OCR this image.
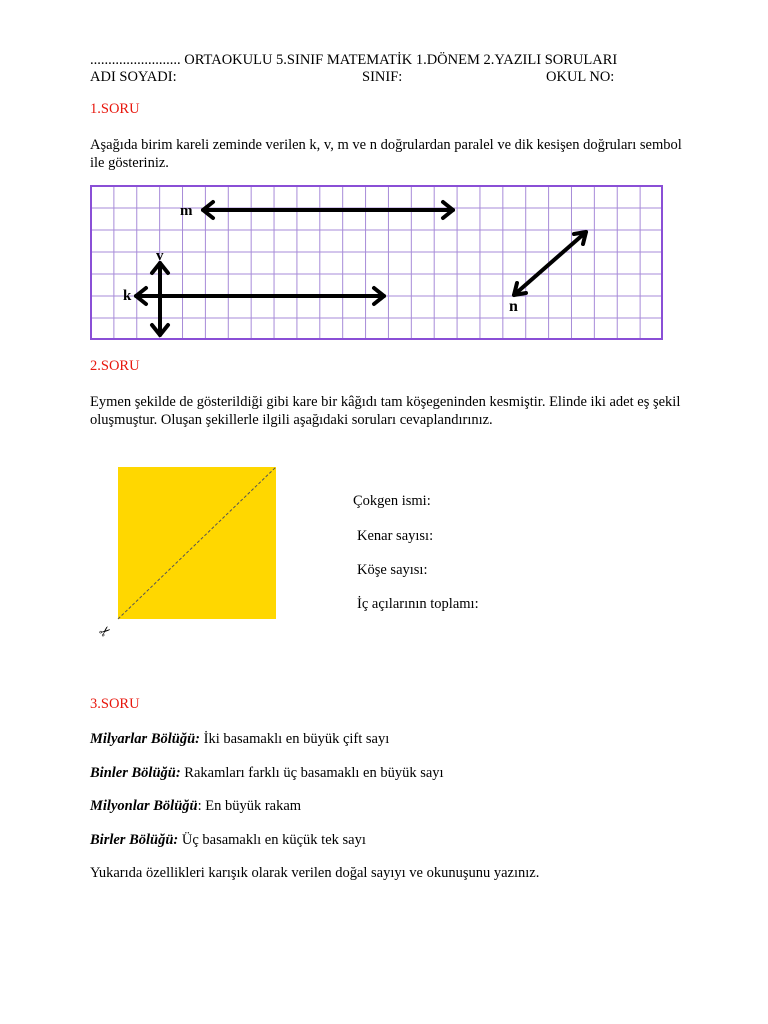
......................... ORTAOKULU 5.SINIF MATEMATİK 1.DÖNEM 2.YAZILI SORULARI
ADI SOYADI:	SINIF:	OKUL NO:
1.SORU
Aşağıda birim kareli zeminde verilen k, v, m ve n doğrulardan paralel ve dik kesişen doğruları sembol ile gösteriniz.
m
v
k
n
2.SORU
Eymen şekilde de gösterildiği gibi kare bir kâğıdı tam köşegeninden kesmiştir. Elinde iki adet eş şekil oluşmuştur. Oluşan şekillerle ilgili aşağıdaki soruları cevaplandırınız.
✂
Çokgen ismi:
Kenar sayısı:
Köşe sayısı:
İç açılarının toplamı:
3.SORU
Milyarlar Bölüğü: İki basamaklı en büyük çift sayı
Binler Bölüğü: Rakamları farklı üç basamaklı en büyük sayı
Milyonlar Bölüğü: En büyük rakam
Birler Bölüğü: Üç basamaklı en küçük tek sayı
Yukarıda özellikleri karışık olarak verilen doğal sayıyı ve okunuşunu yazınız.
